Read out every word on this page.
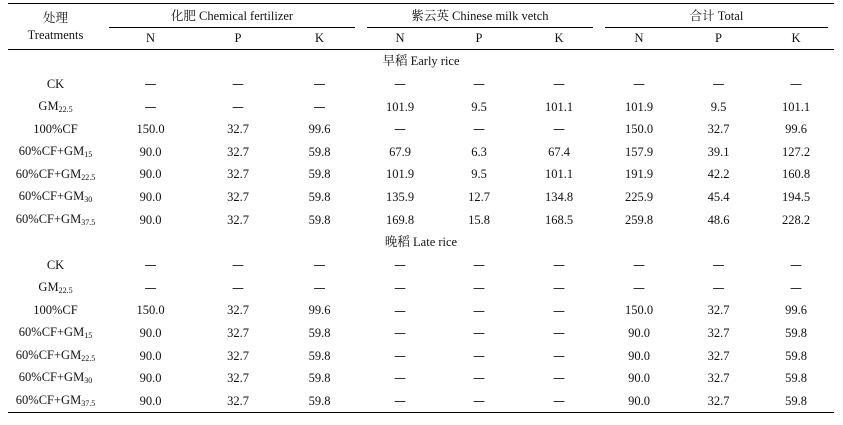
处理
Treatments	化肥 Chemical fertilizer			紫云英 Chinese milk vetch			合计 Total		

	N	P	K	N	P	K	N	P	K
早稻 Early rice									
CK	—	—	—	—	—	—	—	—	—
$GM_{22.5}$	—	—	—	101.9	9.5	101.1	101.9	9.5	101.1
100%CF	150.0	32.7	99.6	—	—	—	150.0	32.7	99.6
$60\%CF+GM_{15}$	90.0	32.7	59.8	67.9	6.3	67.4	157.9	39.1	127.2
$60\%CF+GM_{22.5}$	90.0	32.7	59.8	101.9	9.5	101.1	191.9	42.2	160.8
$60\%CF+GM_{30}$	90.0	32.7	59.8	135.9	12.7	134.8	225.9	45.4	194.5
$60\%CF+GM_{37.5}$	90.0	32.7	59.8	169.8	15.8	168.5	259.8	48.6	228.2
晚稻 Late rice									
CK	—	—	—	—	—	—	—	—	—
$GM_{22.5}$	—	—	—	—	—	—	—	—	—
100%CF	150.0	32.7	99.6	—	—	—	150.0	32.7	99.6
$60\%CF+GM_{15}$	90.0	32.7	59.8	—	—	—	90.0	32.7	59.8
$60\%CF+GM_{22.5}$	90.0	32.7	59.8	—	—	—	90.0	32.7	59.8
$60\%CF+GM_{30}$	90.0	32.7	59.8	—	—	—	90.0	32.7	59.8
$60\%CF+GM_{37.5}$	90.0	32.7	59.8	—	—	—	90.0	32.7	59.8
